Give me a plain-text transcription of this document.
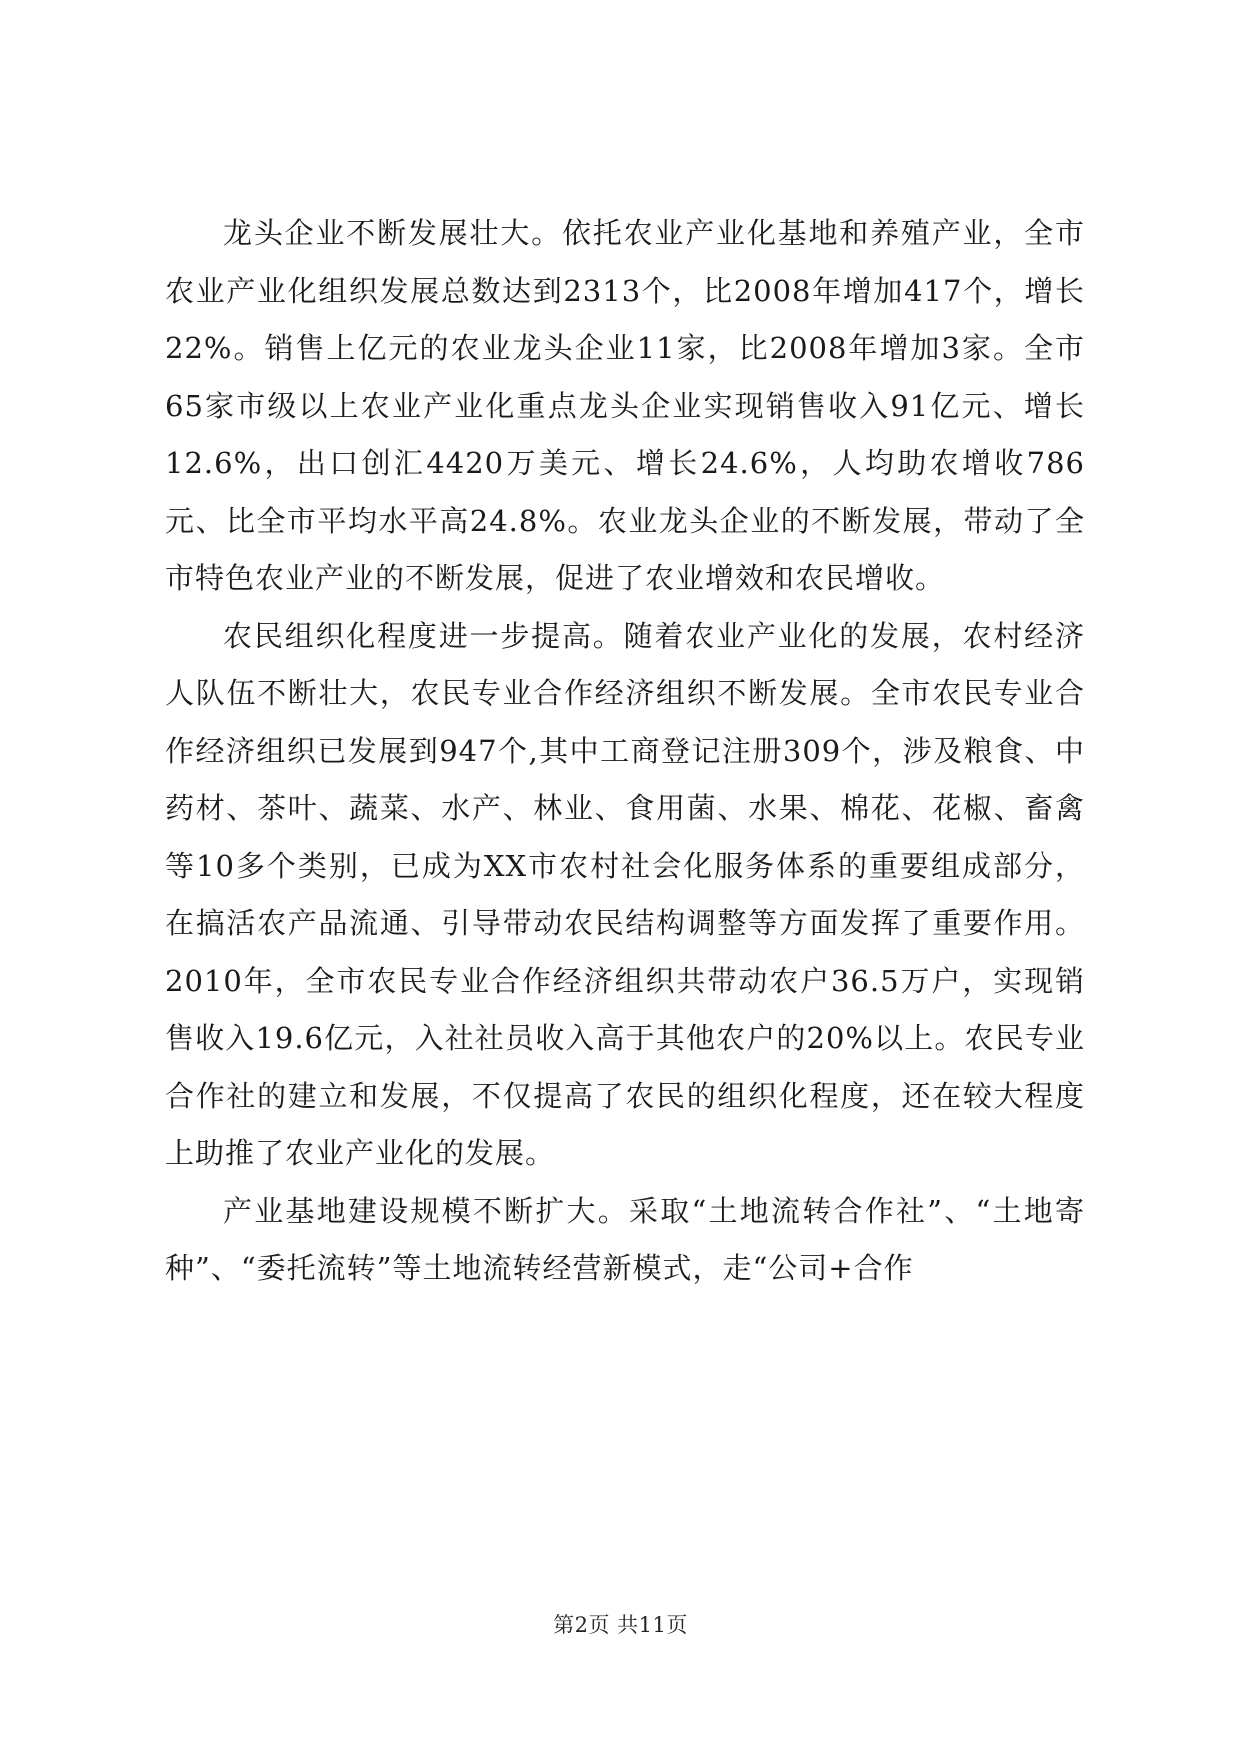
龙头企业不断发展壮大。依托农业产业化基地和养殖产业，全市农业产业化组织发展总数达到2313个，比2008年增加417个，增长22%。销售上亿元的农业龙头企业11家，比2008年增加3家。全市65家市级以上农业产业化重点龙头企业实现销售收入91亿元、增长12.6%，出口创汇4420万美元、增长24.6%，人均助农增收786元、比全市平均水平高24.8%。农业龙头企业的不断发展，带动了全市特色农业产业的不断发展，促进了农业增效和农民增收。

农民组织化程度进一步提高。随着农业产业化的发展，农村经济人队伍不断壮大，农民专业合作经济组织不断发展。全市农民专业合作经济组织已发展到947个,其中工商登记注册309个，涉及粮食、中药材、茶叶、蔬菜、水产、林业、食用菌、水果、棉花、花椒、畜禽等10多个类别，已成为XX市农村社会化服务体系的重要组成部分，在搞活农产品流通、引导带动农民结构调整等方面发挥了重要作用。2010年，全市农民专业合作经济组织共带动农户36.5万户，实现销售收入19.6亿元，入社社员收入高于其他农户的20%以上。农民专业合作社的建立和发展，不仅提高了农民的组织化程度，还在较大程度上助推了农业产业化的发展。

产业基地建设规模不断扩大。采取“土地流转合作社”、“土地寄种”、“委托流转”等土地流转经营新模式，走“公司+合作

第2页 共11页
